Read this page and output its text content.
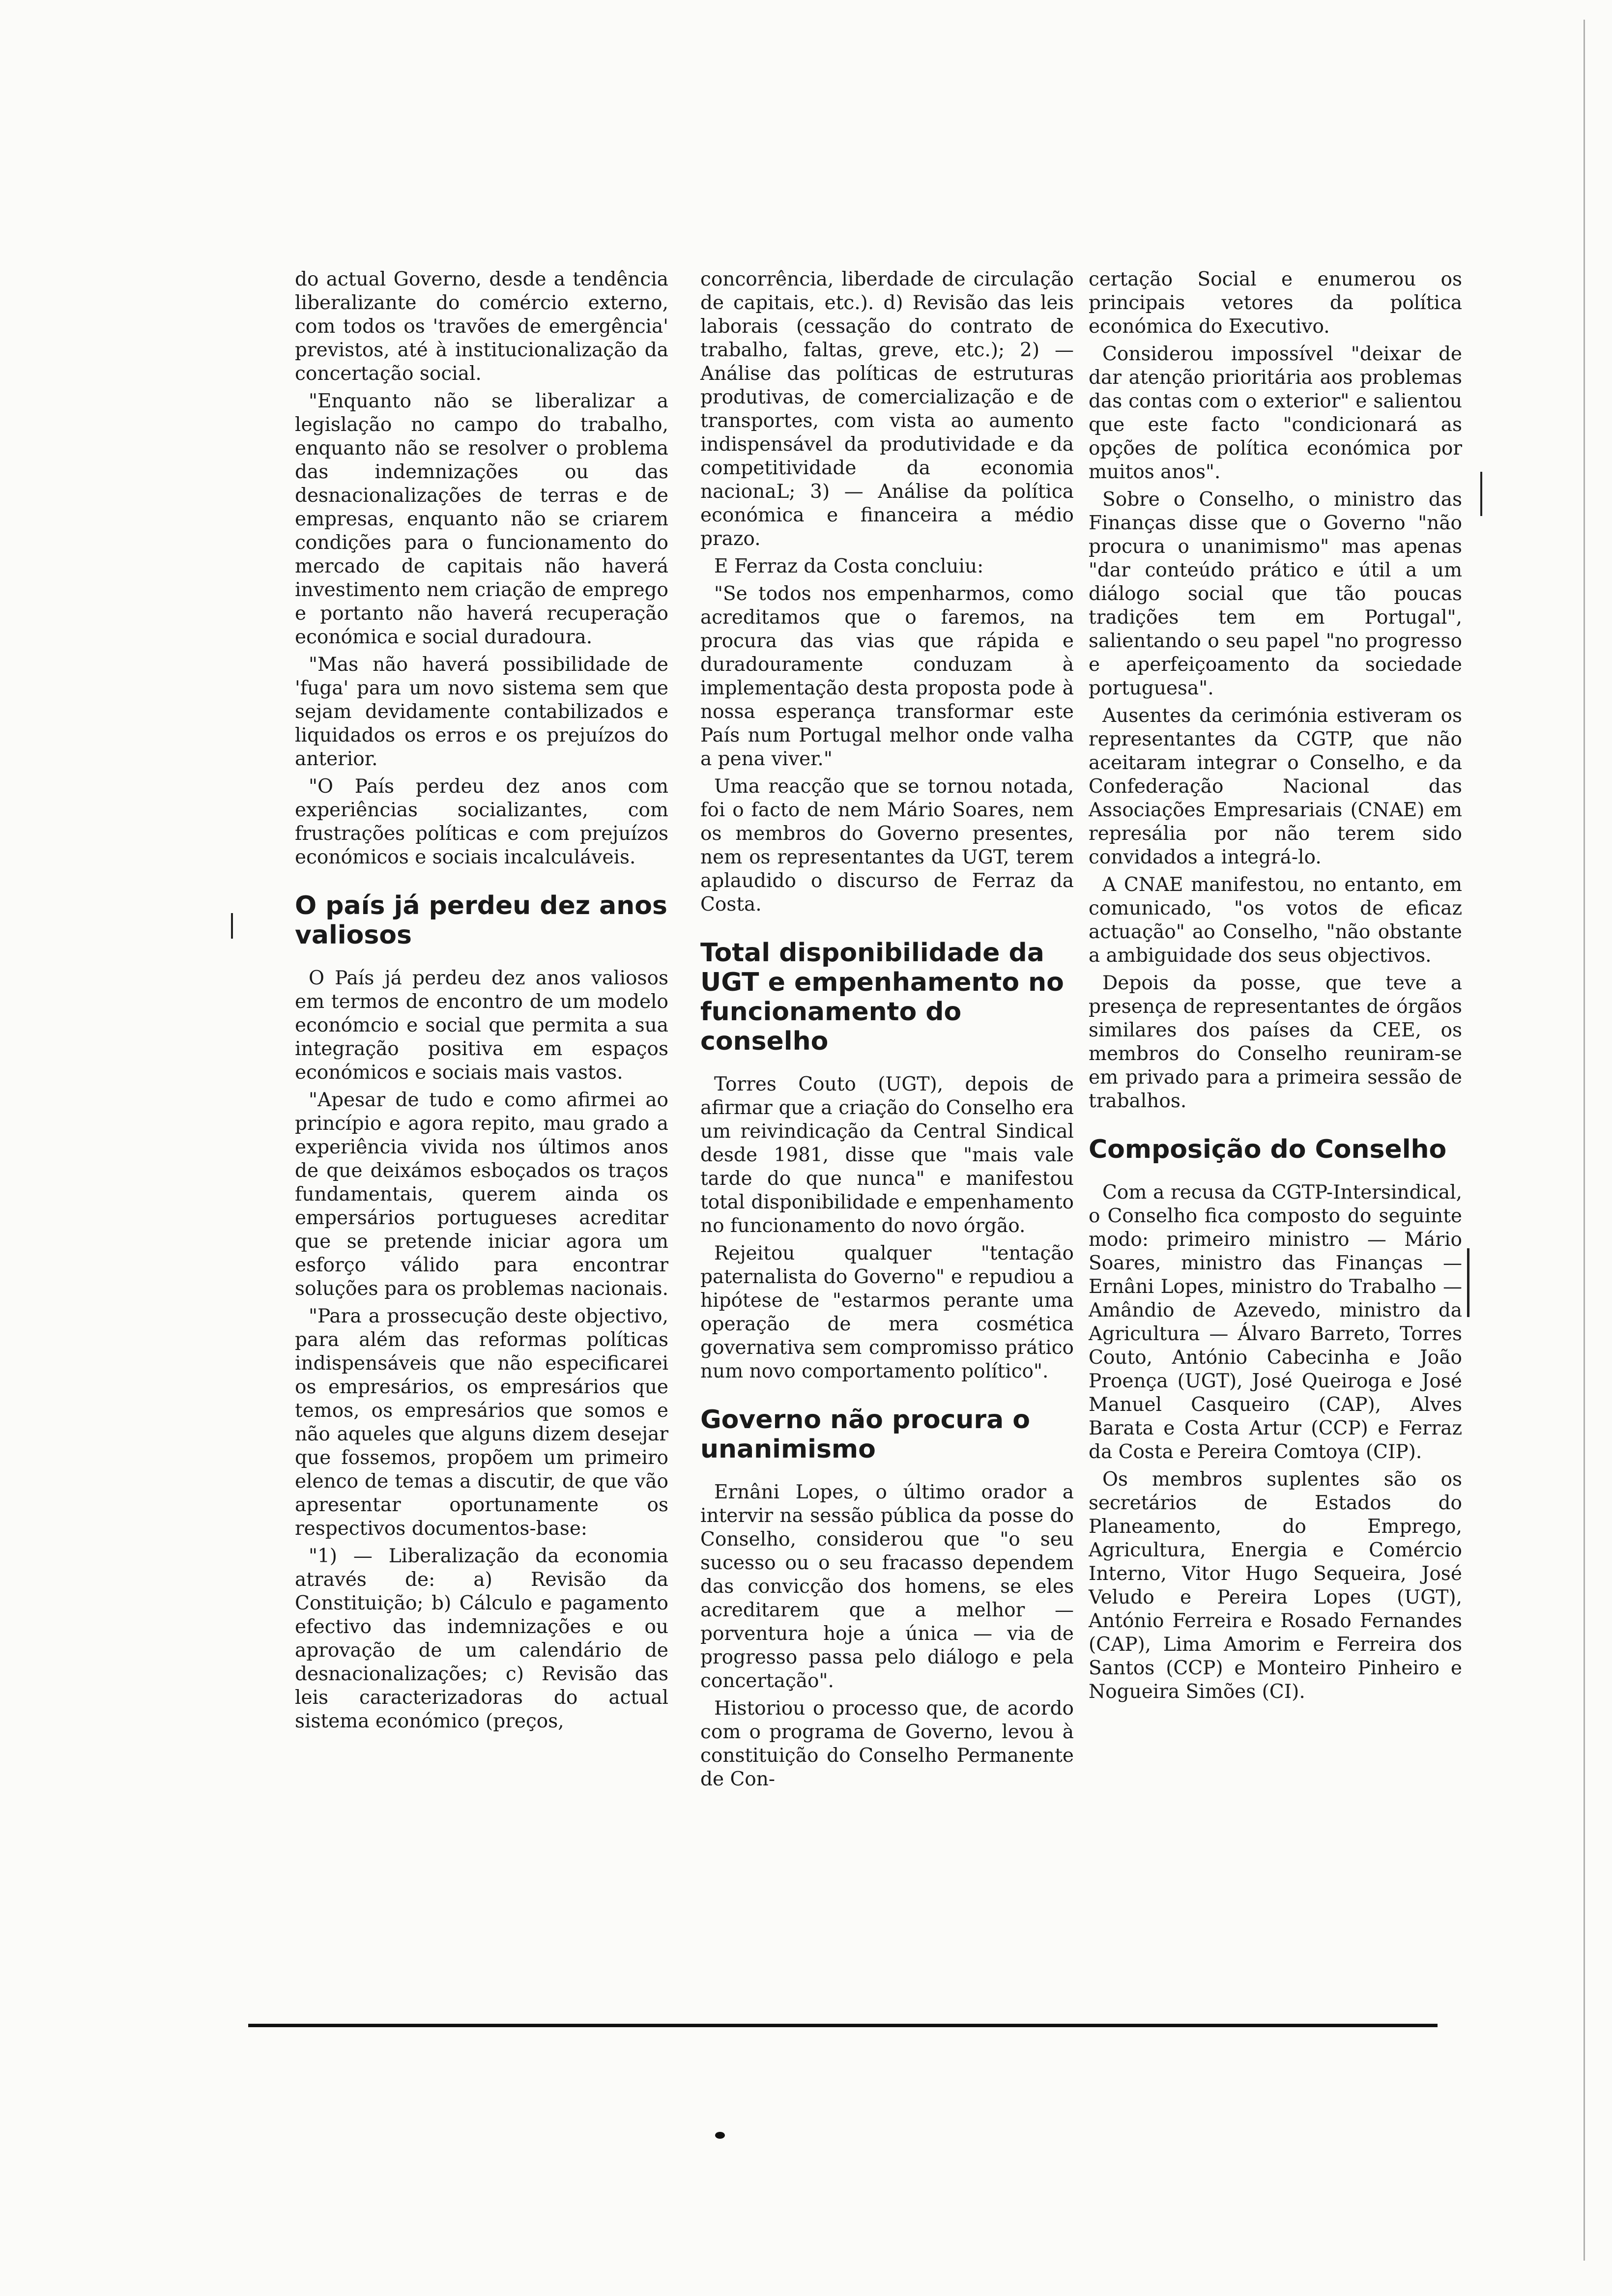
do actual Governo, desde a tendência liberalizante do comércio externo, com todos os 'travões de emergência' previstos, até à institucionalização da concertação social.

"Enquanto não se liberalizar a legislação no campo do trabalho, enquanto não se resolver o problema das indemnizações ou das desnacionalizações de terras e de empresas, enquanto não se criarem condições para o funcionamento do mercado de capitais não haverá investimento nem criação de emprego e portanto não haverá recuperação económica e social duradoura.

"Mas não haverá possibilidade de 'fuga' para um novo sistema sem que sejam devidamente contabilizados e liquidados os erros e os prejuízos do anterior.

"O País perdeu dez anos com experiências socializantes, com frustrações políticas e com prejuízos económicos e sociais incalculáveis.

O país já perdeu dez anos valiosos

O País já perdeu dez anos valiosos em termos de encontro de um modelo económcio e social que permita a sua integração positiva em espaços económicos e sociais mais vastos.

"Apesar de tudo e como afirmei ao princípio e agora repito, mau grado a experiência vivida nos últimos anos de que deixámos esboçados os traços fundamentais, querem ainda os empersários portugueses acreditar que se pretende iniciar agora um esforço válido para encontrar soluções para os problemas nacionais.

"Para a prossecução deste objectivo, para além das reformas políticas indispensáveis que não especificarei os empresários, os empresários que temos, os empresários que somos e não aqueles que alguns dizem desejar que fossemos, propõem um primeiro elenco de temas a discutir, de que vão apresentar oportunamente os respectivos documentos-base:

"1) — Liberalização da economia através de: a) Revisão da Constituição; b) Cálculo e pagamento efectivo das indemnizações e ou aprovação de um calendário de desnacionalizações; c) Revisão das leis caracterizadoras do actual sistema económico (preços,

concorrência, liberdade de circulação de capitais, etc.). d) Revisão das leis laborais (cessação do contrato de trabalho, faltas, greve, etc.); 2) — Análise das políticas de estruturas produtivas, de comercialização e de transportes, com vista ao aumento indispensável da produtividade e da competitividade da economia nacionaL; 3) — Análise da política económica e financeira a médio prazo.

E Ferraz da Costa concluiu:

"Se todos nos empenharmos, como acreditamos que o faremos, na procura das vias que rápida e duradouramente conduzam à implementação desta proposta pode à nossa esperança transformar este País num Portugal melhor onde valha a pena viver."

Uma reacção que se tornou notada, foi o facto de nem Mário Soares, nem os membros do Governo presentes, nem os representantes da UGT, terem aplaudido o discurso de Ferraz da Costa.

Total disponibilidade da UGT e empenhamento no funcionamento do conselho

Torres Couto (UGT), depois de afirmar que a criação do Conselho era um reivindicação da Central Sindical desde 1981, disse que "mais vale tarde do que nunca" e manifestou total disponibilidade e empenhamento no funcionamento do novo órgão.

Rejeitou qualquer "tentação paternalista do Governo" e repudiou a hipótese de "estarmos perante uma operação de mera cosmética governativa sem compromisso prático num novo comportamento político".

Governo não procura o unanimismo

Ernâni Lopes, o último orador a intervir na sessão pública da posse do Conselho, considerou que "o seu sucesso ou o seu fracasso dependem das convicção dos homens, se eles acreditarem que a melhor — porventura hoje a única — via de progresso passa pelo diálogo e pela concertação".

Historiou o processo que, de acordo com o programa de Governo, levou à constituição do Conselho Permanente de Con-

certação Social e enumerou os principais vetores da política económica do Executivo.

Considerou impossível "deixar de dar atenção prioritária aos problemas das contas com o exterior" e salientou que este facto "condicionará as opções de política económica por muitos anos".

Sobre o Conselho, o ministro das Finanças disse que o Governo "não procura o unanimismo" mas apenas "dar conteúdo prático e útil a um diálogo social que tão poucas tradições tem em Portugal", salientando o seu papel "no progresso e aperfeiçoamento da sociedade portuguesa".

Ausentes da cerimónia estiveram os representantes da CGTP, que não aceitaram integrar o Conselho, e da Confederação Nacional das Associações Empresariais (CNAE) em represália por não terem sido convidados a integrá-lo.

A CNAE manifestou, no entanto, em comunicado, "os votos de eficaz actuação" ao Conselho, "não obstante a ambiguidade dos seus objectivos.

Depois da posse, que teve a presença de representantes de órgãos similares dos países da CEE, os membros do Conselho reuniram-se em privado para a primeira sessão de trabalhos.

Composição do Conselho

Com a recusa da CGTP-Intersindical, o Conselho fica composto do seguinte modo: primeiro ministro — Mário Soares, ministro das Finanças — Ernâni Lopes, ministro do Trabalho — Amândio de Azevedo, ministro da Agricultura — Álvaro Barreto, Torres Couto, António Cabecinha e João Proença (UGT), José Queiroga e José Manuel Casqueiro (CAP), Alves Barata e Costa Artur (CCP) e Ferraz da Costa e Pereira Comtoya (CIP).

Os membros suplentes são os secretários de Estados do Planeamento, do Emprego, Agricultura, Energia e Comércio Interno, Vitor Hugo Sequeira, José Veludo e Pereira Lopes (UGT), António Ferreira e Rosado Fernandes (CAP), Lima Amorim e Ferreira dos Santos (CCP) e Monteiro Pinheiro e Nogueira Simões (CI).
